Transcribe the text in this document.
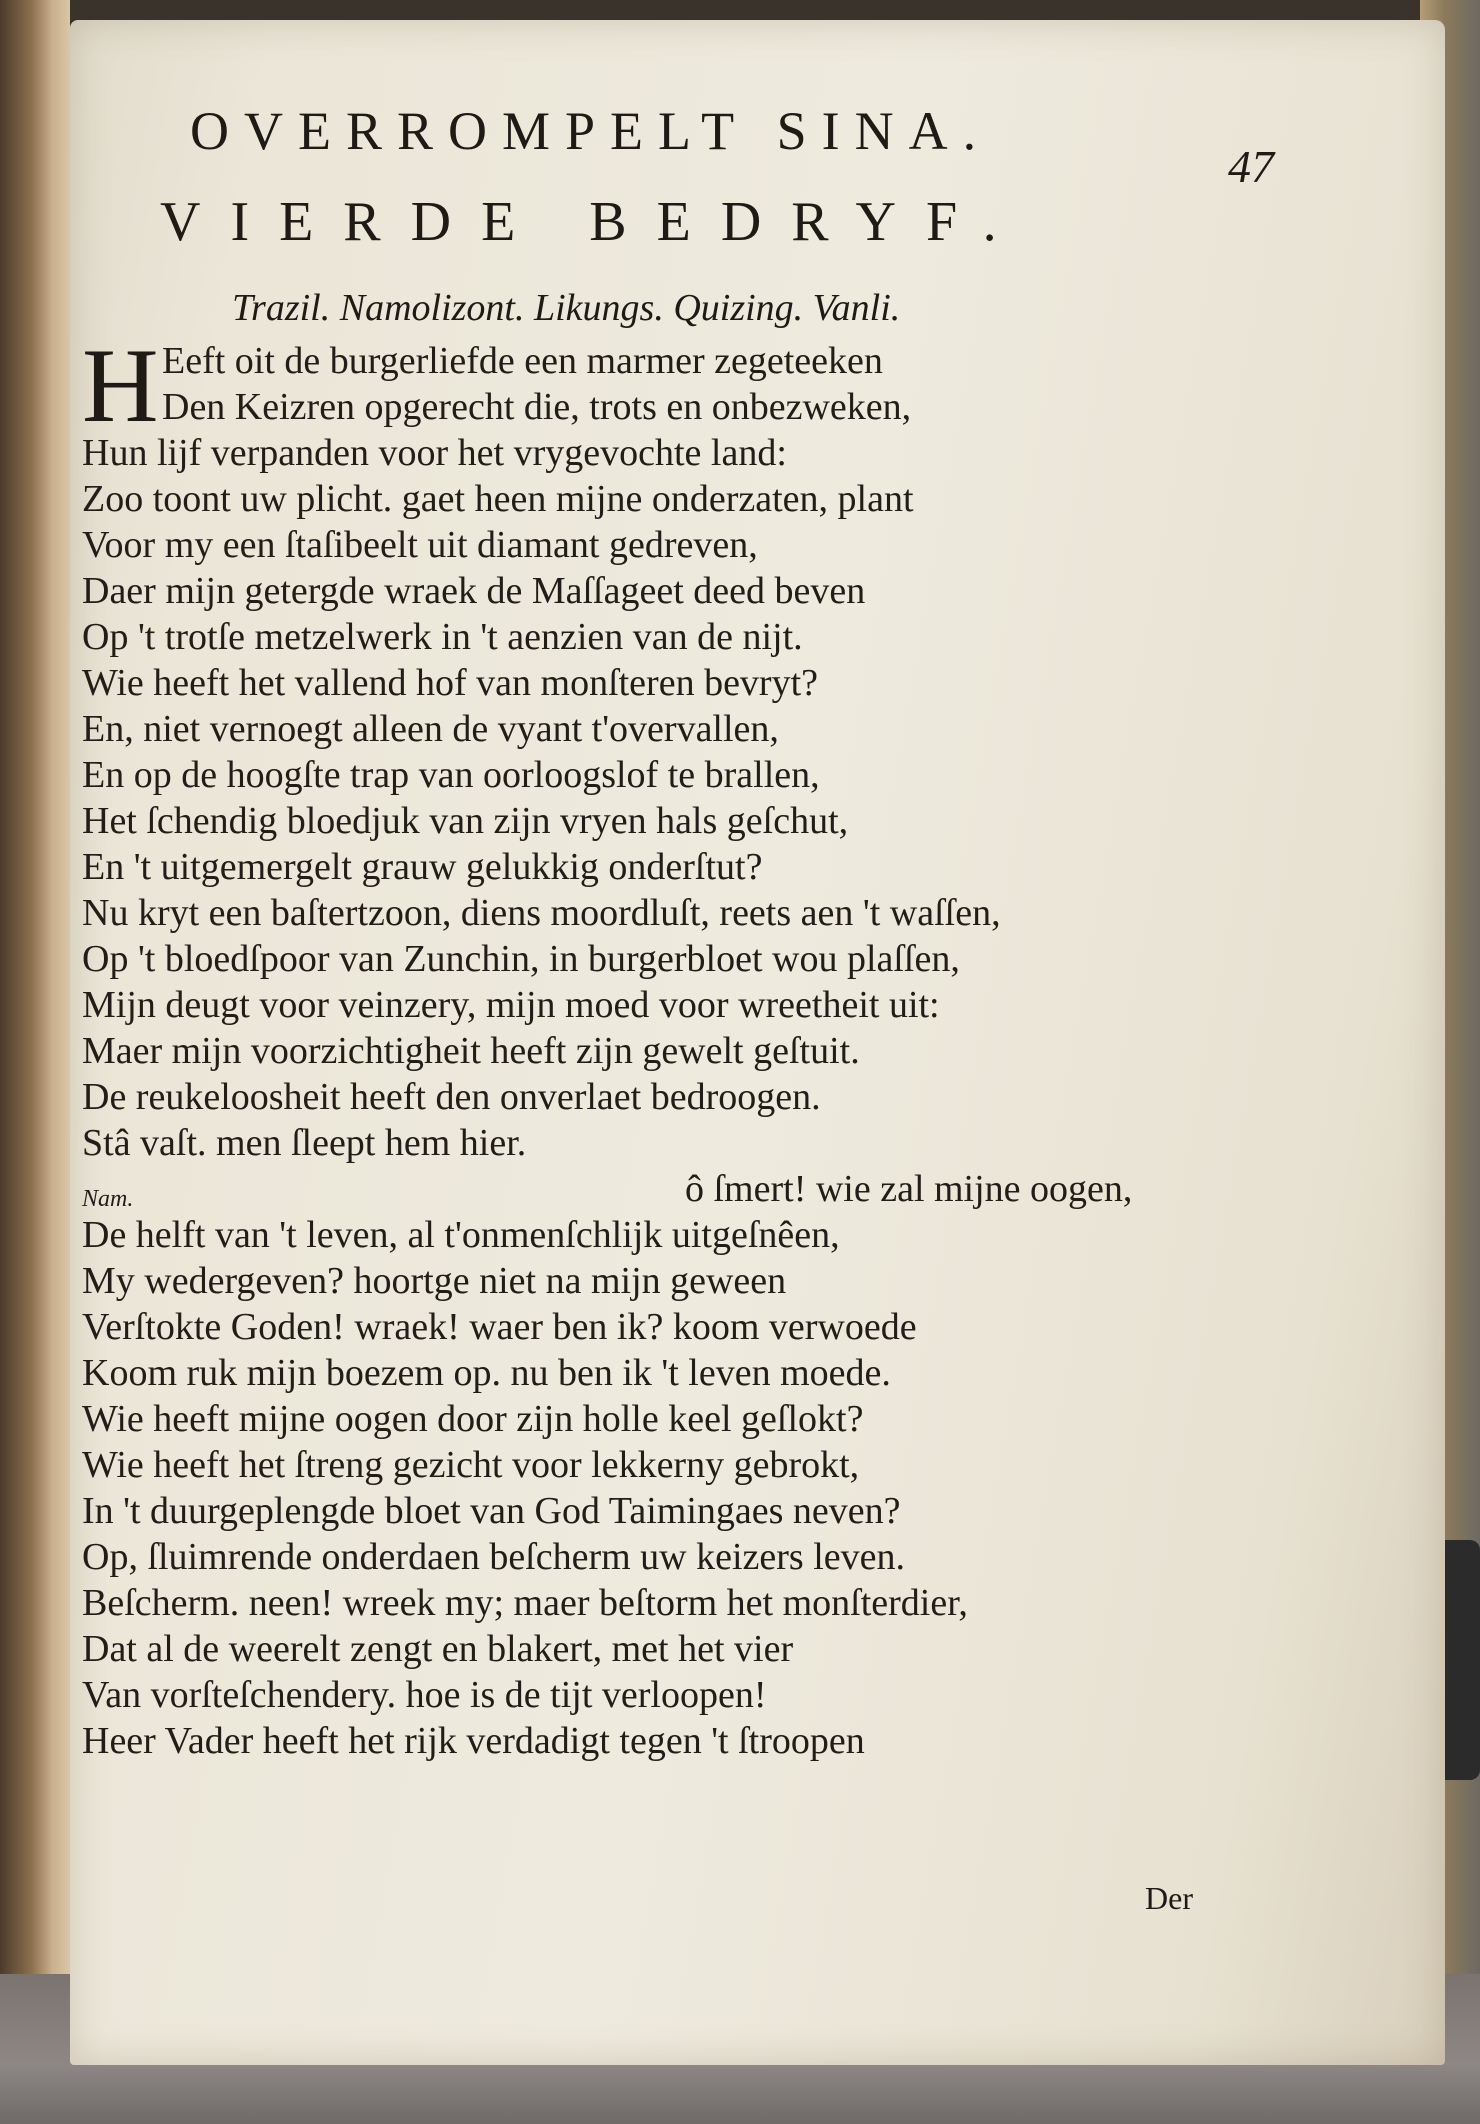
OVERROMPELT SINA.
47
VIERDE BEDRYF.
Trazil. Namolizont. Likungs. Quizing. Vanli.
H Eeft oit de burgerliefde een marmer zegeteeken
Den Keizren opgerecht die, trots en onbezweken,
Hun lijf verpanden voor het vrygevochte land:
Zoo toont uw plicht. gaet heen mijne onderzaten, plant
Voor my een ſtaſibeelt uit diamant gedreven,
Daer mijn getergde wraek de Maſſageet deed beven
Op 't trotſe metzelwerk in 't aenzien van de nijt.
Wie heeft het vallend hof van monſteren bevryt?
En, niet vernoegt alleen de vyant t'overvallen,
En op de hoogſte trap van oorloogslof te brallen,
Het ſchendig bloedjuk van zijn vryen hals geſchut,
En 't uitgemergelt grauw gelukkig onderſtut?
Nu kryt een baſtertzoon, diens moordluſt, reets aen 't waſſen,
Op 't bloedſpoor van Zunchin, in burgerbloet wou plaſſen,
Mijn deugt voor veinzery, mijn moed voor wreetheit uit:
Maer mijn voorzichtigheit heeft zijn gewelt geſtuit.
De reukeloosheit heeft den onverlaet bedroogen.
Stâ vaſt. men ſleept hem hier.
Nam.	ô ſmert! wie zal mijne oogen,
De helft van 't leven, al t'onmenſchlijk uitgeſnêen,
My wedergeven? hoortge niet na mijn geween
Verſtokte Goden! wraek! waer ben ik? koom verwoede
Koom ruk mijn boezem op. nu ben ik 't leven moede.
Wie heeft mijne oogen door zijn holle keel geſlokt?
Wie heeft het ſtreng gezicht voor lekkerny gebrokt,
In 't duurgeplengde bloet van God Taimingaes neven?
Op, ſluimrende onderdaen beſcherm uw keizers leven.
Beſcherm. neen! wreek my; maer beſtorm het monſterdier,
Dat al de weerelt zengt en blakert, met het vier
Van vorſteſchendery. hoe is de tijt verloopen!
Heer Vader heeft het rijk verdadigt tegen 't ſtroopen
Der
